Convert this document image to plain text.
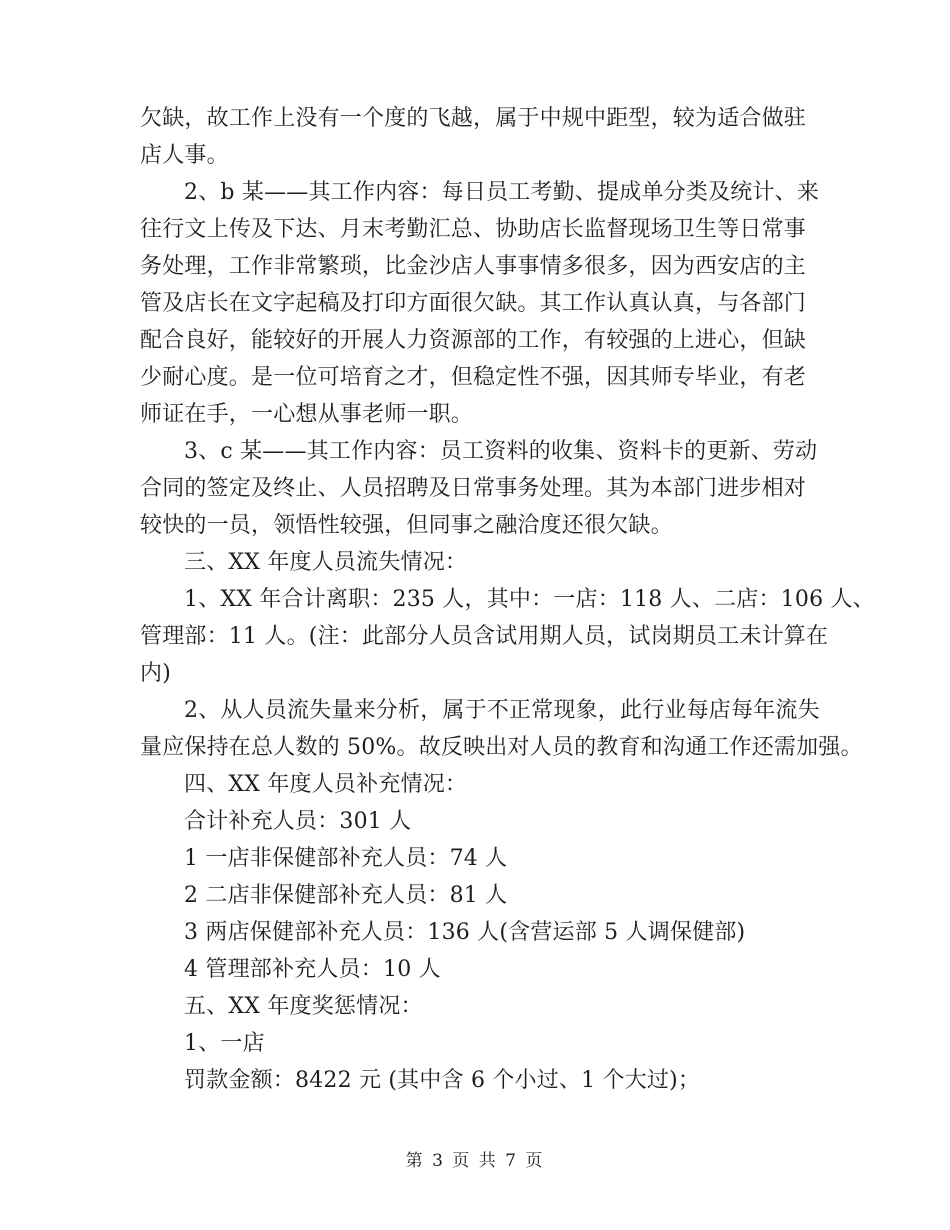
欠缺，故工作上没有一个度的飞越，属于中规中距型，较为适合做驻
店人事。
2、b 某——其工作内容：每日员工考勤、提成单分类及统计、来
往行文上传及下达、月末考勤汇总、协助店长监督现场卫生等日常事
务处理，工作非常繁琐，比金沙店人事事情多很多，因为西安店的主
管及店长在文字起稿及打印方面很欠缺。其工作认真认真，与各部门
配合良好，能较好的开展人力资源部的工作，有较强的上进心，但缺
少耐心度。是一位可培育之才，但稳定性不强，因其师专毕业，有老
师证在手，一心想从事老师一职。
3、c 某——其工作内容：员工资料的收集、资料卡的更新、劳动
合同的签定及终止、人员招聘及日常事务处理。其为本部门进步相对
较快的一员，领悟性较强，但同事之融洽度还很欠缺。
三、XX 年度人员流失情况：
1、XX 年合计离职：235 人，其中：一店：118 人、二店：106 人、
管理部：11 人。(注：此部分人员含试用期人员，试岗期员工未计算在
内)
2、从人员流失量来分析，属于不正常现象，此行业每店每年流失
量应保持在总人数的 50%。故反映出对人员的教育和沟通工作还需加强。
四、XX 年度人员补充情况：
合计补充人员：301 人
1 一店非保健部补充人员：74 人
2 二店非保健部补充人员：81 人
3 两店保健部补充人员：136 人(含营运部 5 人调保健部)
4 管理部补充人员：10 人
五、XX 年度奖惩情况：
1、一店
罚款金额：8422 元 (其中含 6 个小过、1 个大过)；
第 3 页 共 7 页
